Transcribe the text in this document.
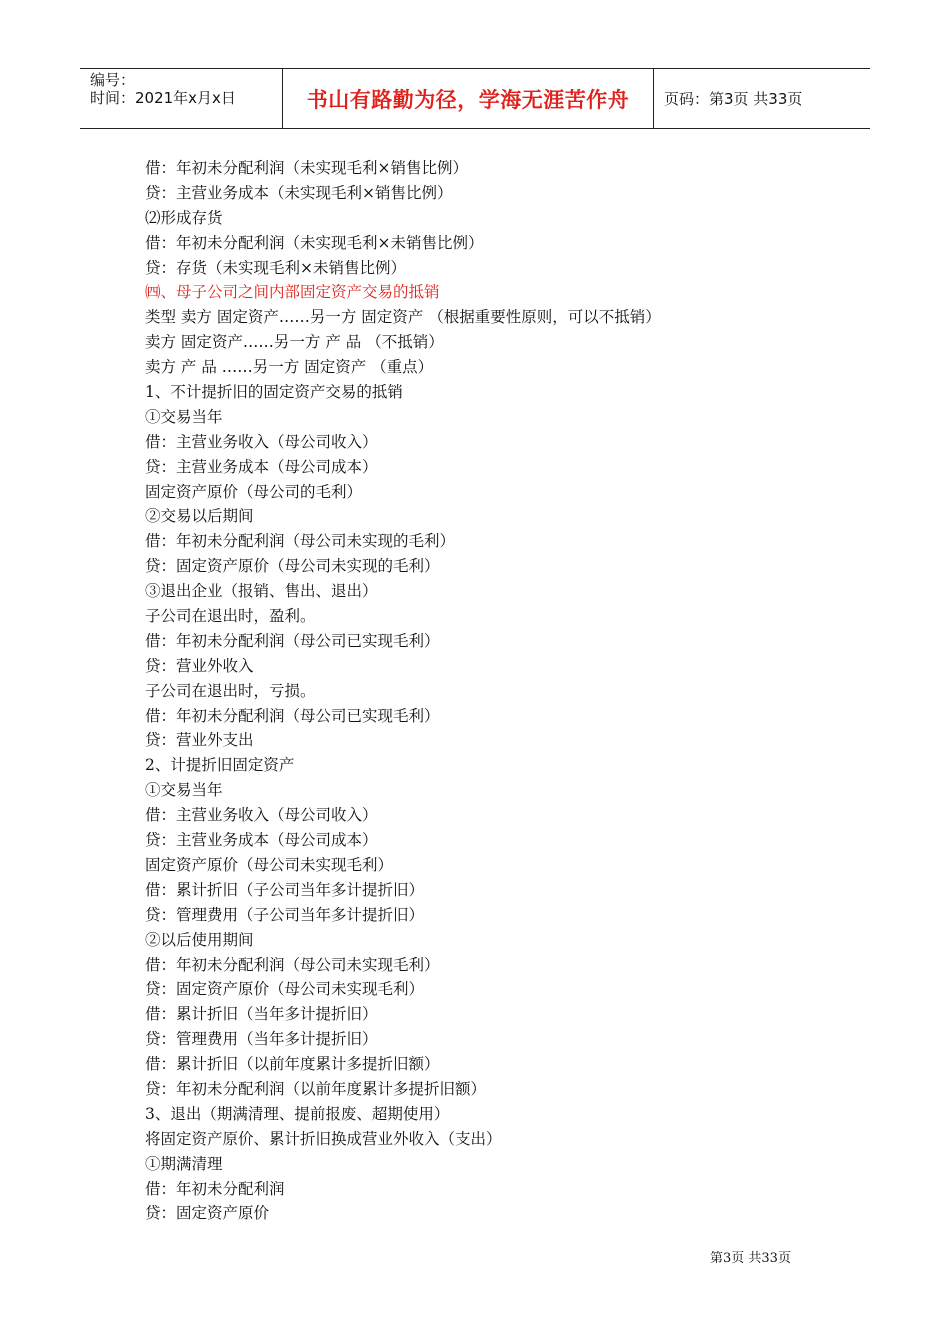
编号：
时间：2021年x月x日	书山有路勤为径，学海无涯苦作舟 页码：第3页 共33页
借：年初未分配利润（未实现毛利×销售比例）
贷：主营业务成本（未实现毛利×销售比例）
⑵形成存货
借：年初未分配利润（未实现毛利×未销售比例）
贷：存货（未实现毛利×未销售比例）
㈣、母子公司之间内部固定资产交易的抵销
类型 卖方 固定资产……另一方 固定资产 （根据重要性原则，可以不抵销）
卖方 固定资产……另一方 产 品 （不抵销）
卖方 产 品 ……另一方 固定资产 （重点）
1、不计提折旧的固定资产交易的抵销
①交易当年
借：主营业务收入（母公司收入）
贷：主营业务成本（母公司成本）
固定资产原价（母公司的毛利）
②交易以后期间
借：年初未分配利润（母公司未实现的毛利）
贷：固定资产原价（母公司未实现的毛利）
③退出企业（报销、售出、退出）
子公司在退出时，盈利。
借：年初未分配利润（母公司已实现毛利）
贷：营业外收入
子公司在退出时，亏损。
借：年初未分配利润（母公司已实现毛利）
贷：营业外支出
2、计提折旧固定资产
①交易当年
借：主营业务收入（母公司收入）
贷：主营业务成本（母公司成本）
固定资产原价（母公司未实现毛利）
借：累计折旧（子公司当年多计提折旧）
贷：管理费用（子公司当年多计提折旧）
②以后使用期间
借：年初未分配利润（母公司未实现毛利）
贷：固定资产原价（母公司未实现毛利）
借：累计折旧（当年多计提折旧）
贷：管理费用（当年多计提折旧）
借：累计折旧（以前年度累计多提折旧额）
贷：年初未分配利润（以前年度累计多提折旧额）
3、退出（期满清理、提前报废、超期使用）
将固定资产原价、累计折旧换成营业外收入（支出）
①期满清理
借：年初未分配利润
贷：固定资产原价
第3页 共33页
